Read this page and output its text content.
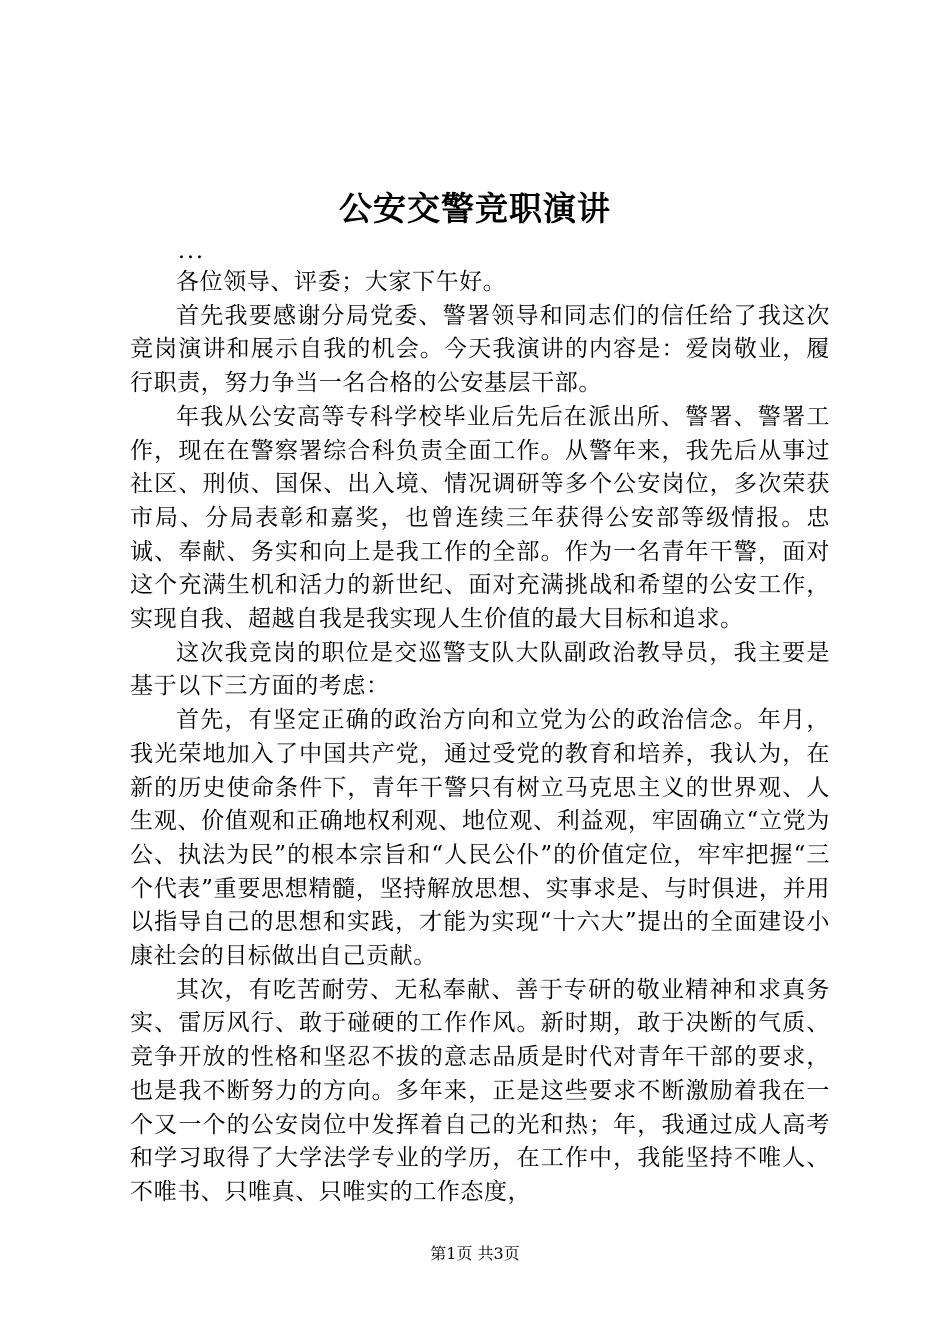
公安交警竞职演讲
...

各位领导、评委；大家下午好。

首先我要感谢分局党委、警署领导和同志们的信任给了我这次竞岗演讲和展示自我的机会。今天我演讲的内容是：爱岗敬业，履行职责，努力争当一名合格的公安基层干部。

年我从公安高等专科学校毕业后先后在派出所、警署、警署工作，现在在警察署综合科负责全面工作。从警年来，我先后从事过社区、刑侦、国保、出入境、情况调研等多个公安岗位，多次荣获市局、分局表彰和嘉奖，也曾连续三年获得公安部等级情报。忠诚、奉献、务实和向上是我工作的全部。作为一名青年干警，面对这个充满生机和活力的新世纪、面对充满挑战和希望的公安工作，实现自我、超越自我是我实现人生价值的最大目标和追求。

这次我竞岗的职位是交巡警支队大队副政治教导员，我主要是基于以下三方面的考虑：

首先，有坚定正确的政治方向和立党为公的政治信念。年月，我光荣地加入了中国共产党，通过受党的教育和培养，我认为，在新的历史使命条件下，青年干警只有树立马克思主义的世界观、人生观、价值观和正确地权利观、地位观、利益观，牢固确立“立党为公、执法为民”的根本宗旨和“人民公仆”的价值定位，牢牢把握“三个代表”重要思想精髓，坚持解放思想、实事求是、与时俱进，并用以指导自己的思想和实践，才能为实现“十六大”提出的全面建设小康社会的目标做出自己贡献。

其次，有吃苦耐劳、无私奉献、善于专研的敬业精神和求真务实、雷厉风行、敢于碰硬的工作作风。新时期，敢于决断的气质、竞争开放的性格和坚忍不拔的意志品质是时代对青年干部的要求，也是我不断努力的方向。多年来，正是这些要求不断激励着我在一个又一个的公安岗位中发挥着自己的光和热；年，我通过成人高考和学习取得了大学法学专业的学历，在工作中，我能坚持不唯人、不唯书、只唯真、只唯实的工作态度，

第1页 共3页
